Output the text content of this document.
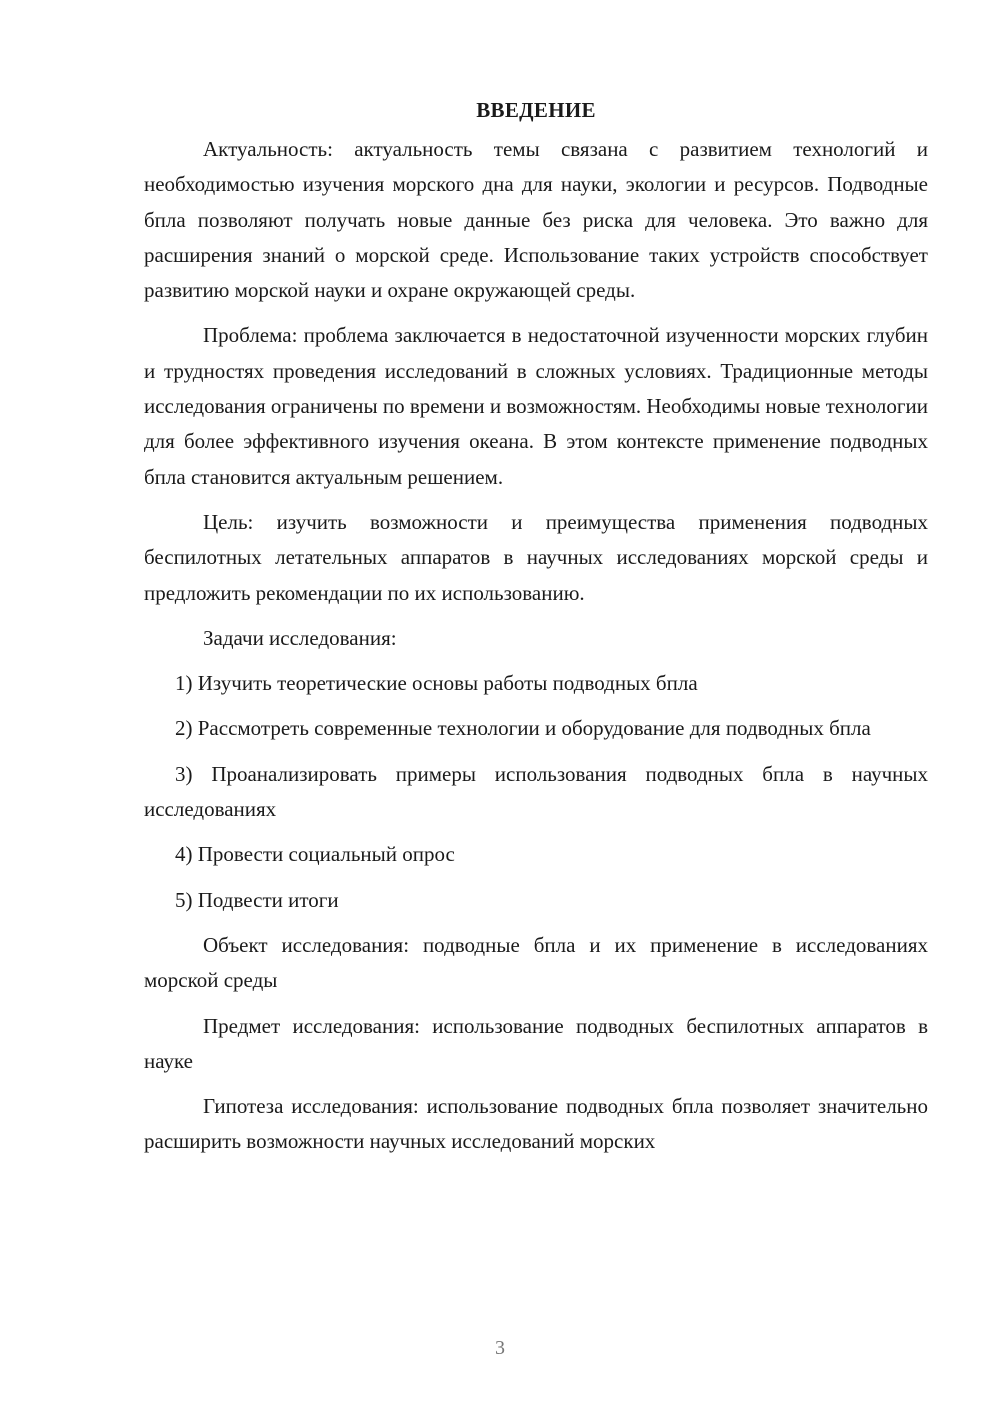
ВВЕДЕНИЕ

Актуальность: актуальность темы связана с развитием технологий и необходимостью изучения морского дна для науки, экологии и ресурсов. Подводные бпла позволяют получать новые данные без риска для человека. Это важно для расширения знаний о морской среде. Использование таких устройств способствует развитию морской науки и охране окружающей среды.

Проблема: проблема заключается в недостаточной изученности морских глубин и трудностях проведения исследований в сложных условиях. Традиционные методы исследования ограничены по времени и возможностям. Необходимы новые технологии для более эффективного изучения океана. В этом контексте применение подводных бпла становится актуальным решением.

Цель: изучить возможности и преимущества применения подводных беспилотных летательных аппаратов в научных исследованиях морской среды и предложить рекомендации по их использованию.

Задачи исследования:

1) Изучить теоретические основы работы подводных бпла

2) Рассмотреть современные технологии и оборудование для подводных бпла

3) Проанализировать примеры использования подводных бпла в научных исследованиях

4) Провести социальный опрос

5) Подвести итоги

Объект исследования: подводные бпла и их применение в исследованиях морской среды

Предмет исследования: использование подводных беспилотных аппаратов в науке

Гипотеза исследования: использование подводных бпла позволяет значительно расширить возможности научных исследований морских

3
